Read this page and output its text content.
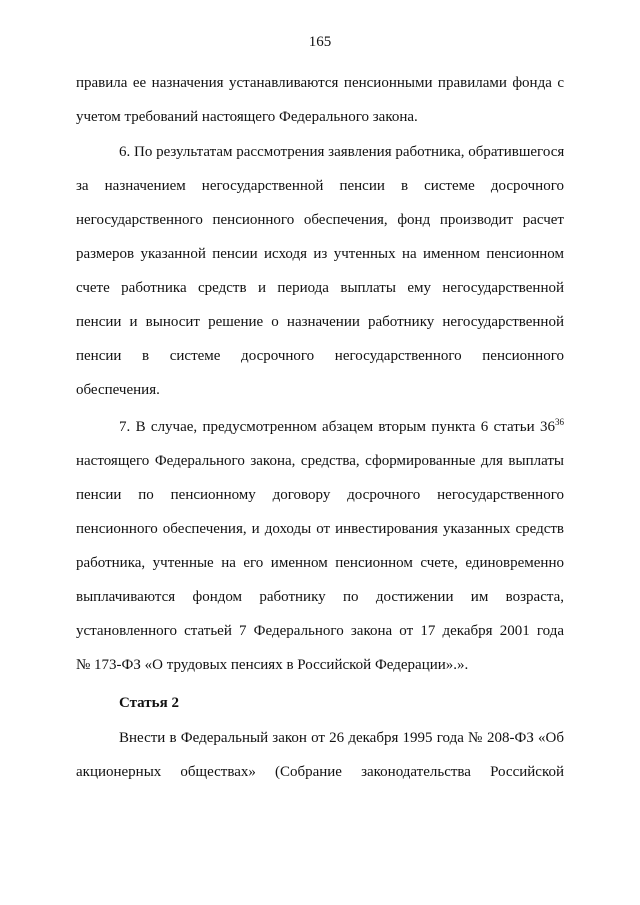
165
правила ее назначения устанавливаются пенсионными правилами фонда с
учетом требований настоящего Федерального закона.
6. По результатам рассмотрения заявления работника, обратившегося
за назначением негосударственной пенсии в системе досрочного
негосударственного пенсионного обеспечения, фонд производит расчет
размеров указанной пенсии исходя из учтенных на именном пенсионном
счете работника средств и периода выплаты ему негосударственной
пенсии и выносит решение о назначении работнику негосударственной
пенсии в системе досрочного негосударственного пенсионного
обеспечения.
7. В случае, предусмотренном абзацем вторым пункта 6 статьи $36^{36}$
настоящего Федерального закона, средства, сформированные для выплаты
пенсии по пенсионному договору досрочного негосударственного
пенсионного обеспечения, и доходы от инвестирования указанных средств
работника, учтенные на его именном пенсионном счете, единовременно
выплачиваются фондом работнику по достижении им возраста,
установленного статьей 7 Федерального закона от 17 декабря 2001 года
№ 173-ФЗ «О трудовых пенсиях в Российской Федерации».».
Статья 2
Внести в Федеральный закон от 26 декабря 1995 года № 208-ФЗ «Об
акционерных обществах» (Собрание законодательства Российской
